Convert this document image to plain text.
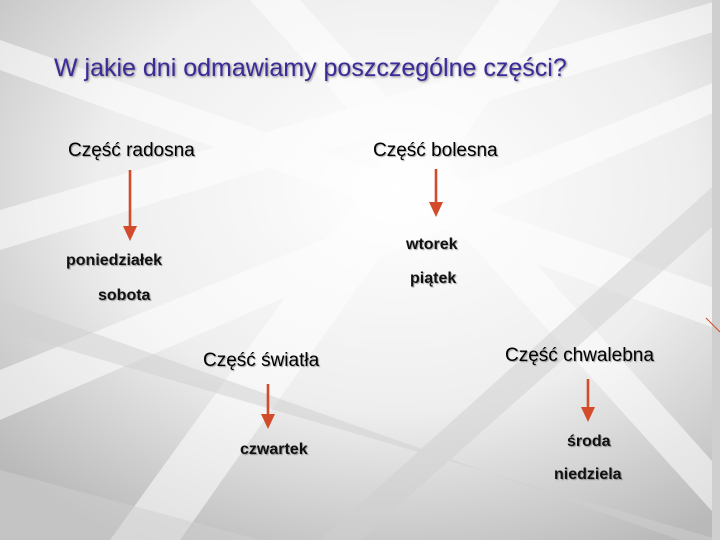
W jakie dni odmawiamy poszczególne części?
Część radosna
poniedziałek
sobota
Część bolesna
wtorek
piątek
Część światła
czwartek
Część chwalebna
środa
niedziela
